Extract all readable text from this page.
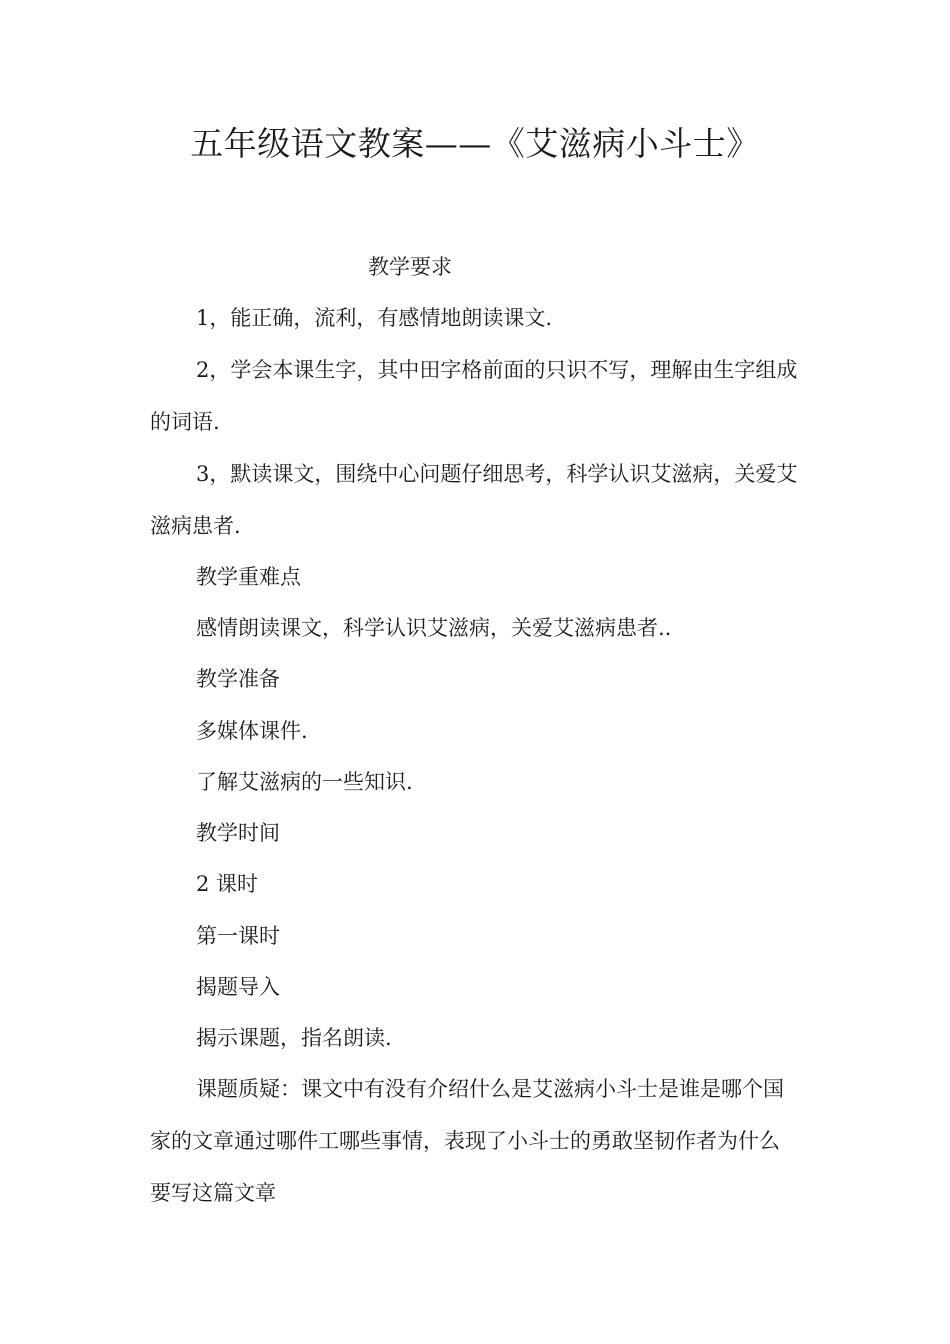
五年级语文教案——《艾滋病小斗士》
教学要求
1，能正确，流利，有感情地朗读课文.
2，学会本课生字，其中田字格前面的只识不写，理解由生字组成的词语.
3，默读课文，围绕中心问题仔细思考，科学认识艾滋病，关爱艾滋病患者.
教学重难点
感情朗读课文，科学认识艾滋病，关爱艾滋病患者..
教学准备
多媒体课件.
了解艾滋病的一些知识.
教学时间
2 课时
第一课时
揭题导入
揭示课题，指名朗读.
课题质疑：课文中有没有介绍什么是艾滋病小斗士是谁是哪个国家的文章通过哪件工哪些事情，表现了小斗士的勇敢坚韧作者为什么要写这篇文章
